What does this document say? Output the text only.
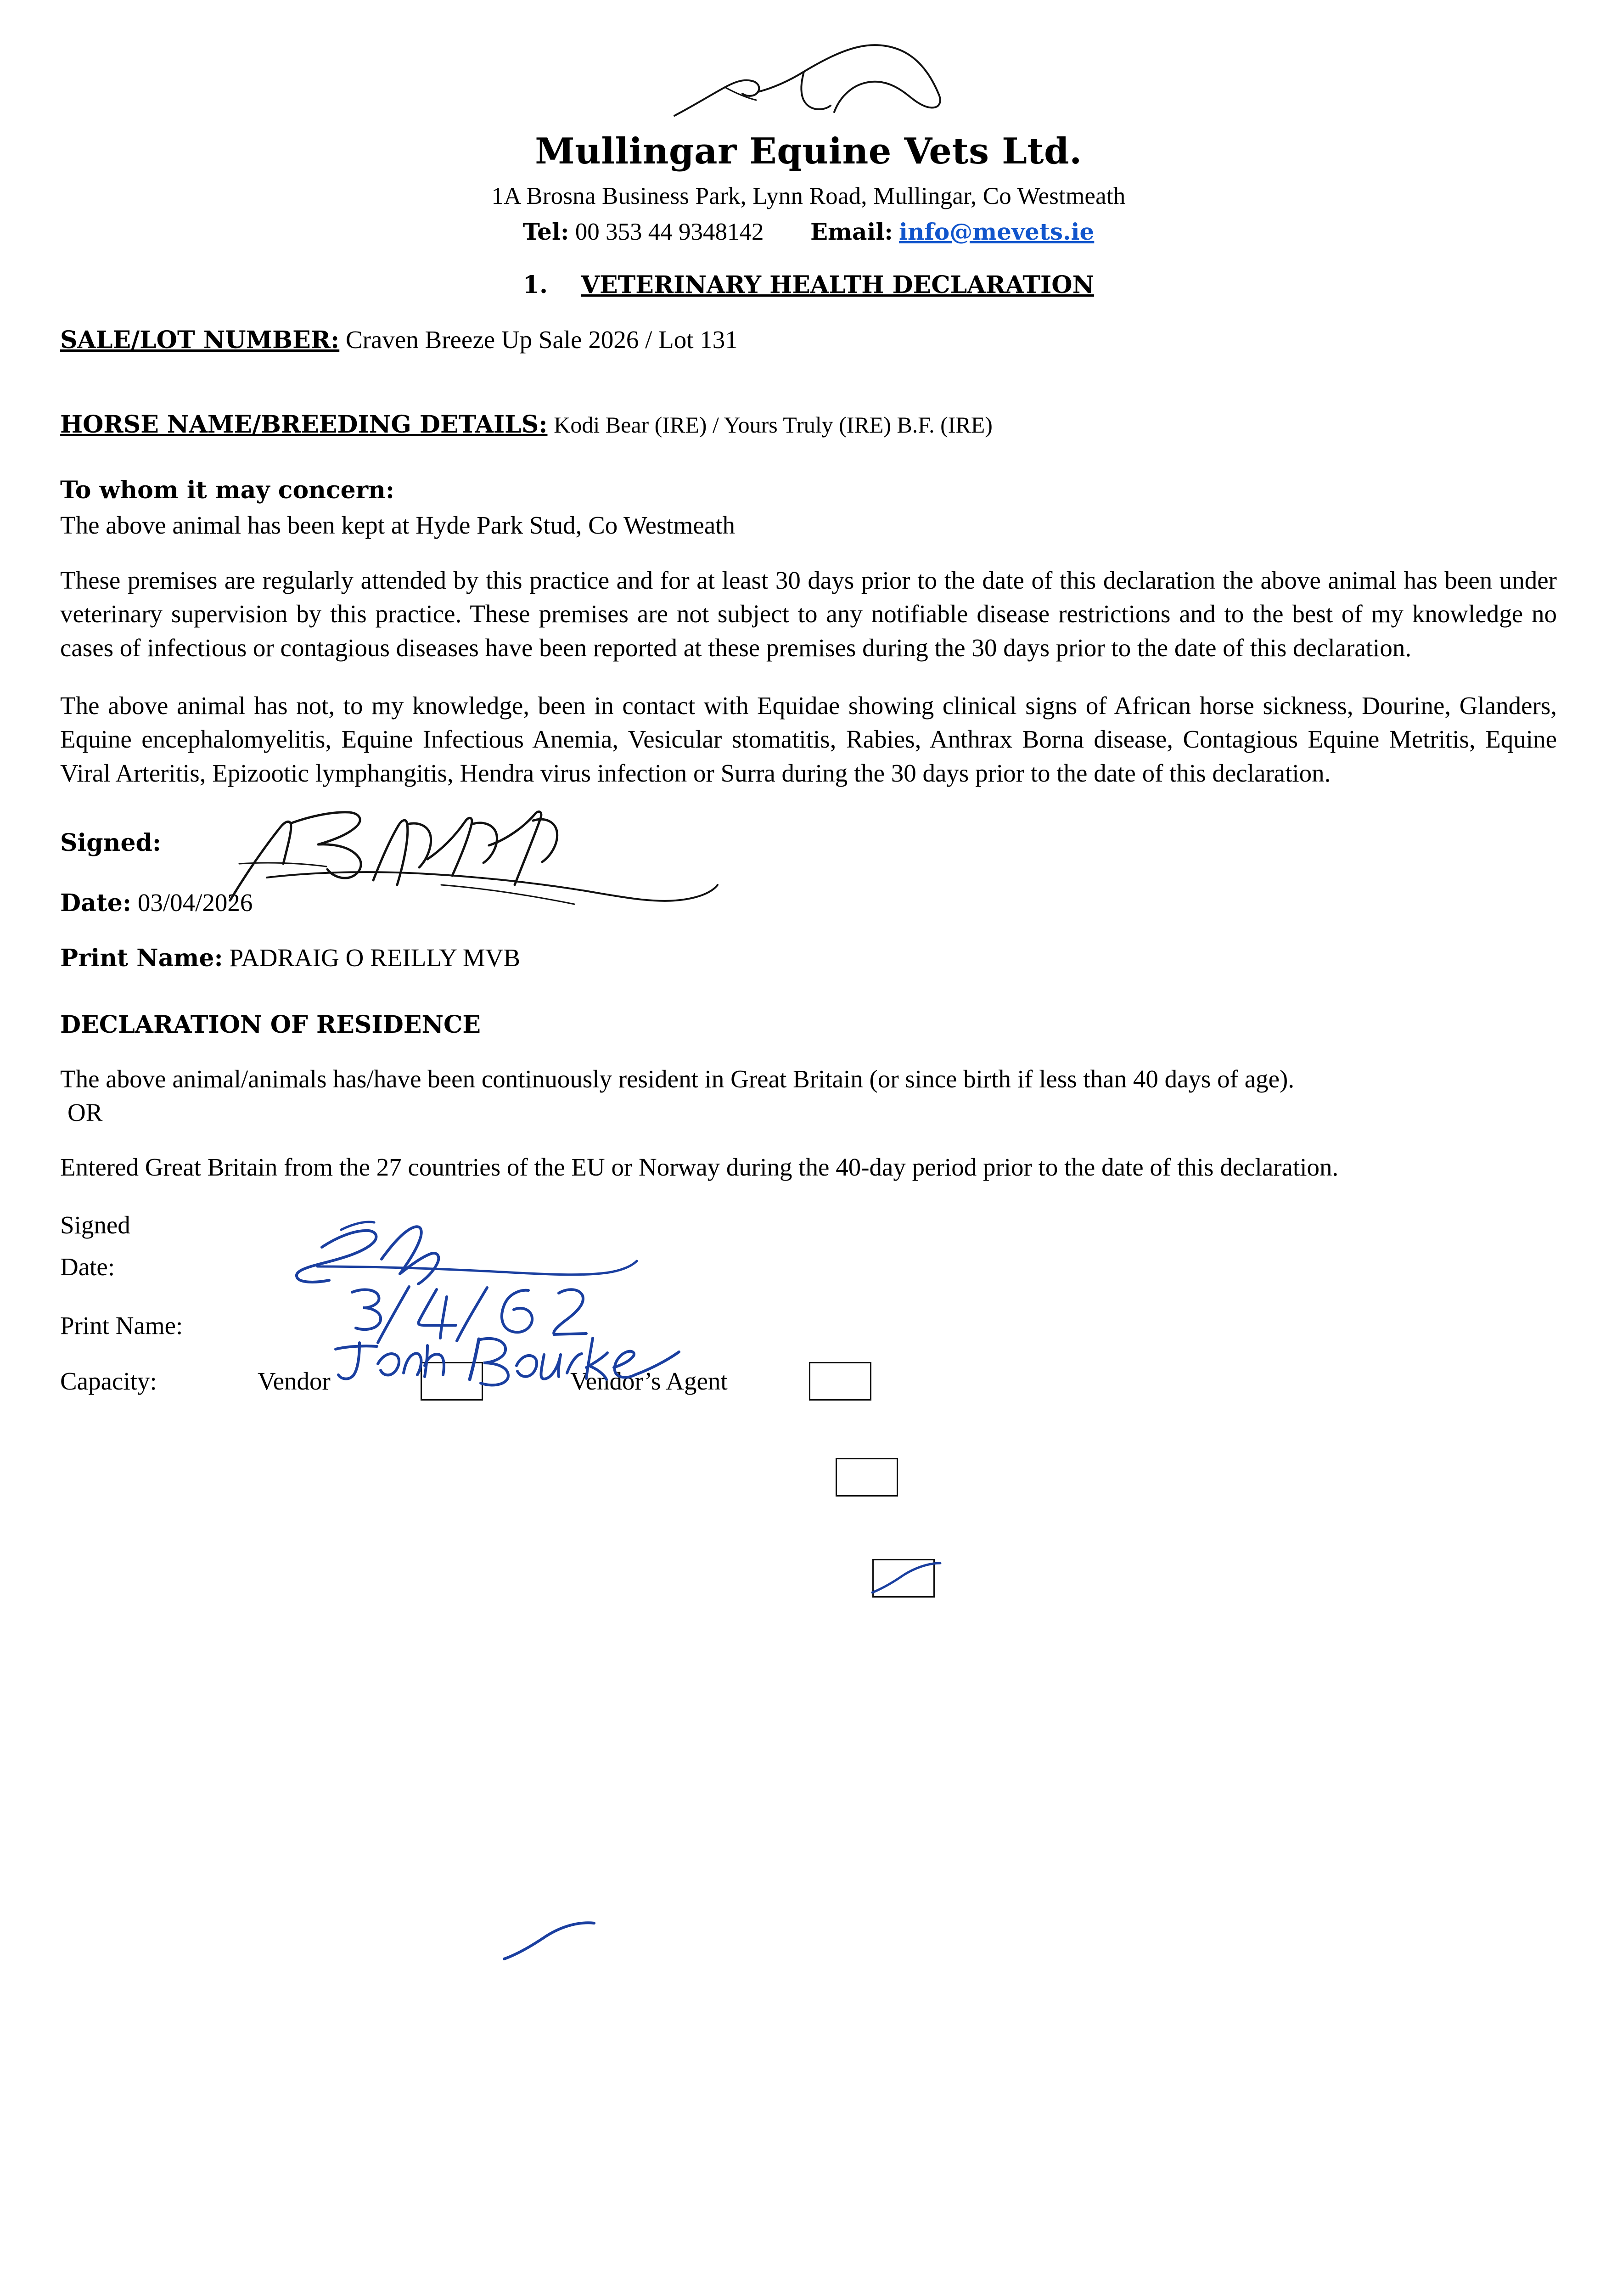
Mullingar Equine Vets Ltd.
1A Brosna Business Park, Lynn Road, Mullingar, Co Westmeath
Tel: 00 353 44 9348142 Email: info@mevets.ie
1. VETERINARY HEALTH DECLARATION
SALE/LOT NUMBER: Craven Breeze Up Sale 2026 / Lot 131
HORSE NAME/BREEDING DETAILS: Kodi Bear (IRE) / Yours Truly (IRE) B.F. (IRE)
To whom it may concern:
The above animal has been kept at Hyde Park Stud, Co Westmeath
These premises are regularly attended by this practice and for at least 30 days prior to the date of this declaration the above animal has been under veterinary supervision by this practice. These premises are not subject to any notifiable disease restrictions and to the best of my knowledge no cases of infectious or contagious diseases have been reported at these premises during the 30 days prior to the date of this declaration.
The above animal has not, to my knowledge, been in contact with Equidae showing clinical signs of African horse sickness, Dourine, Glanders, Equine encephalomyelitis, Equine Infectious Anemia, Vesicular stomatitis, Rabies, Anthrax Borna disease, Contagious Equine Metritis, Equine Viral Arteritis, Epizootic lymphangitis, Hendra virus infection or Surra during the 30 days prior to the date of this declaration.
Signed:
Date: 03/04/2026
Print Name: PADRAIG O REILLY MVB
DECLARATION OF RESIDENCE
The above animal/animals has/have been continuously resident in Great Britain (or since birth if less than 40 days of age).
OR
Entered Great Britain from the 27 countries of the EU or Norway during the 40-day period prior to the date of this declaration.
Signed
Date:
Print Name:
Capacity:	Vendor	Vendor’s Agent
